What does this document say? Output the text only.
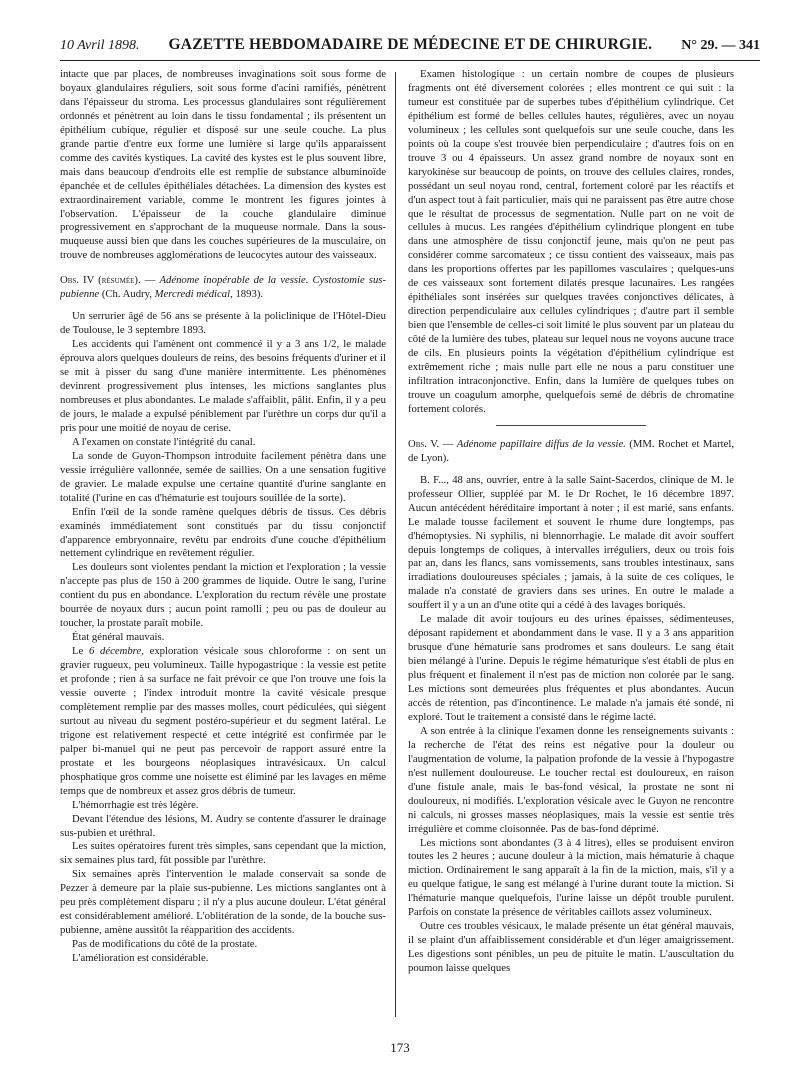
10 Avril 1898. GAZETTE HEBDOMADAIRE DE MÉDECINE ET DE CHIRURGIE. N° 29. — 341

intacte que par places, de nombreuses invaginations soit sous forme de boyaux glandulaires réguliers, soit sous forme d'acini ramifiés, pénètrent dans l'épaisseur du stroma. Les processus glandulaires sont régulièrement ordonnés et pénètrent au loin dans le tissu fondamental ; ils présentent un épithélium cubique, régulier et disposé sur une seule couche. La plus grande partie d'entre eux forme une lumière si large qu'ils apparaissent comme des cavités kystiques. La cavité des kystes est le plus souvent libre, mais dans beaucoup d'endroits elle est remplie de substance albuminoïde épanchée et de cellules épithéliales détachées. La dimension des kystes est extraordinairement variable, comme le montrent les figures jointes à l'observation. L'épaisseur de la couche glandulaire diminue progressivement en s'approchant de la muqueuse normale. Dans la sous-muqueuse aussi bien que dans les couches supérieures de la musculaire, on trouve de nombreuses agglomérations de leucocytes autour des vaisseaux.

Obs. IV (résumée). — Adénome inopérable de la vessie. Cystostomie sus-pubienne (Ch. Audry, Mercredi médical, 1893).

Un serrurier âgé de 56 ans se présente à la policlinique de l'Hôtel-Dieu de Toulouse, le 3 septembre 1893.

Les accidents qui l'amènent ont commencé il y a 3 ans 1/2, le malade éprouva alors quelques douleurs de reins, des besoins fréquents d'uriner et il se mit à pisser du sang d'une manière intermittente. Les phénomènes devinrent progressivement plus intenses, les mictions sanglantes plus nombreuses et plus abondantes. Le malade s'affaiblit, pâlit. Enfin, il y a peu de jours, le malade a expulsé péniblement par l'urèthre un corps dur qu'il a pris pour une moitié de noyau de cerise.

A l'examen on constate l'intégrité du canal.

La sonde de Guyon-Thompson introduite facilement pénètra dans une vessie irrégulière vallonnée, semée de saillies. On a une sensation fugitive de gravier. Le malade expulse une certaine quantité d'urine sanglante en totalité (l'urine en cas d'hématurie est toujours souillée de la sorte).

Enfin l'œil de la sonde ramène quelques débris de tissus. Ces débris examinés immédiatement sont constitués par du tissu conjonctif d'apparence embryonnaire, revêtu par endroits d'une couche d'épithélium nettement cylindrique en revêtement régulier.

Les douleurs sont violentes pendant la miction et l'exploration ; la vessie n'accepte pas plus de 150 à 200 grammes de liquide. Outre le sang, l'urine contient du pus en abondance. L'exploration du rectum révèle une prostate bourrée de noyaux durs ; aucun point ramolli ; peu ou pas de douleur au toucher, la prostate paraît mobile.

État général mauvais.

Le 6 décembre, exploration vésicale sous chloroforme : on sent un gravier rugueux, peu volumineux. Taille hypogastrique : la vessie est petite et profonde ; rien à sa surface ne fait prévoir ce que l'on trouve une fois la vessie ouverte ; l'index introduit montre la cavité vésicale presque complètement remplie par des masses molles, court pédiculées, qui siègent surtout au niveau du segment postéro-supérieur et du segment latéral. Le trigone est relativement respecté et cette intégrité est confirmée par le palper bi-manuel qui ne peut pas percevoir de rapport assuré entre la prostate et les bourgeons néoplasiques intravésicaux. Un calcul phosphatique gros comme une noisette est éliminé par les lavages en même temps que de nombreux et assez gros débris de tumeur.

L'hémorrhagie est très légère.

Devant l'étendue des lésions, M. Audry se contente d'assurer le drainage sus-pubien et uréthral.

Les suites opératoires furent très simples, sans cependant que la miction, six semaines plus tard, fût possible par l'urèthre.

Six semaines après l'intervention le malade conservait sa sonde de Pezzer à demeure par la plaie sus-pubienne. Les mictions sanglantes ont à peu près complètement disparu ; il n'y a plus aucune douleur. L'état général est considérablement amélioré. L'oblitération de la sonde, de la bouche sus-pubienne, amène aussitôt la réapparition des accidents.

Pas de modifications du côté de la prostate.

L'amélioration est considérable.

Examen histologique : un certain nombre de coupes de plusieurs fragments ont été diversement colorées ; elles montrent ce qui suit : la tumeur est constituée par de superbes tubes d'épithélium cylindrique. Cet épithélium est formé de belles cellules hautes, régulières, avec un noyau volumineux ; les cellules sont quelquefois sur une seule couche, dans les points où la coupe s'est trouvée bien perpendiculaire ; d'autres fois on en trouve 3 ou 4 épaisseurs. Un assez grand nombre de noyaux sont en karyokinèse sur beaucoup de points, on trouve des cellules claires, rondes, possédant un seul noyau rond, central, fortement coloré par les réactifs et d'un aspect tout à fait particulier, mais qui ne paraissent pas être autre chose que le résultat de processus de segmentation. Nulle part on ne voit de cellules à mucus. Les rangées d'épithélium cylindrique plongent en tube dans une atmosphère de tissu conjonctif jeune, mais qu'on ne peut pas considérer comme sarcomateux ; ce tissu contient des vaisseaux, mais pas dans les proportions offertes par les papillomes vasculaires ; quelques-uns de ces vaisseaux sont fortement dilatés presque lacunaires. Les rangées épithéliales sont insérées sur quelques travées conjonctives délicates, à direction perpendiculaire aux cellules cylindriques ; d'autre part il semble bien que l'ensemble de celles-ci soit limité le plus souvent par un plateau du côté de la lumière des tubes, plateau sur lequel nous ne voyons aucune trace de cils. En plusieurs points la végétation d'épithélium cylindrique est extrêmement riche ; mais nulle part elle ne nous a paru constituer une infiltration intraconjonctive. Enfin, dans la lumière de quelques tubes on trouve un coagulum amorphe, quelquefois semé de débris de chromatine fortement colorés.

Obs. V. — Adénome papillaire diffus de la vessie. (MM. Rochet et Martel, de Lyon).

B. F..., 48 ans, ouvrier, entre à la salle Saint-Sacerdos, clinique de M. le professeur Ollier, suppléé par M. le Dr Rochet, le 16 décembre 1897. Aucun antécédent héréditaire important à noter ; il est marié, sans enfants. Le malade tousse facilement et souvent le rhume dure longtemps, pas d'hémoptysies. Ni syphilis, ni blennorrhagie. Le malade dit avoir souffert depuis longtemps de coliques, à intervalles irréguliers, deux ou trois fois par an, dans les flancs, sans vomissements, sans troubles intestinaux, sans irradiations douloureuses spéciales ; jamais, à la suite de ces coliques, le malade n'a constaté de graviers dans ses urines. En outre le malade a souffert il y a un an d'une otite qui a cédé à des lavages boriqués.

Le malade dit avoir toujours eu des urines épaisses, sédimenteuses, déposant rapidement et abondamment dans le vase. Il y a 3 ans apparition brusque d'une hématurie sans prodromes et sans douleurs. Le sang était bien mélangé à l'urine. Depuis le régime hématurique s'est établi de plus en plus fréquent et finalement il n'est pas de miction non colorée par le sang. Les mictions sont demeurées plus fréquentes et plus abondantes. Aucun accès de rétention, pas d'incontinence. Le malade n'a jamais été sondé, ni exploré. Tout le traitement a consisté dans le régime lacté.

A son entrée à la clinique l'examen donne les renseignements suivants : la recherche de l'état des reins est négative pour la douleur ou l'augmentation de volume, la palpation profonde de la vessie à l'hypogastre n'est nullement douloureuse. Le toucher rectal est douloureux, en raison d'une fistule anale, mais le bas-fond vésical, la prostate ne sont ni douloureux, ni modifiés. L'exploration vésicale avec le Guyon ne rencontre ni calculs, ni grosses masses néoplasiques, mais la vessie est sentie très irrégulière et comme cloisonnée. Pas de bas-fond déprimé.

Les mictions sont abondantes (3 à 4 litres), elles se produisent environ toutes les 2 heures ; aucune douleur à la miction, mais hématurie à chaque miction. Ordinairement le sang apparaît à la fin de la miction, mais, s'il y a eu quelque fatigue, le sang est mélangé à l'urine durant toute la miction. Si l'hématurie manque quelquefois, l'urine laisse un dépôt trouble purulent. Parfois on constate la présence de véritables caillots assez volumineux.

Outre ces troubles vésicaux, le malade présente un état général mauvais, il se plaint d'un affaiblissement considérable et d'un léger amaigrissement. Les digestions sont pénibles, un peu de pituite le matin. L'auscultation du poumon laisse quelques

173
